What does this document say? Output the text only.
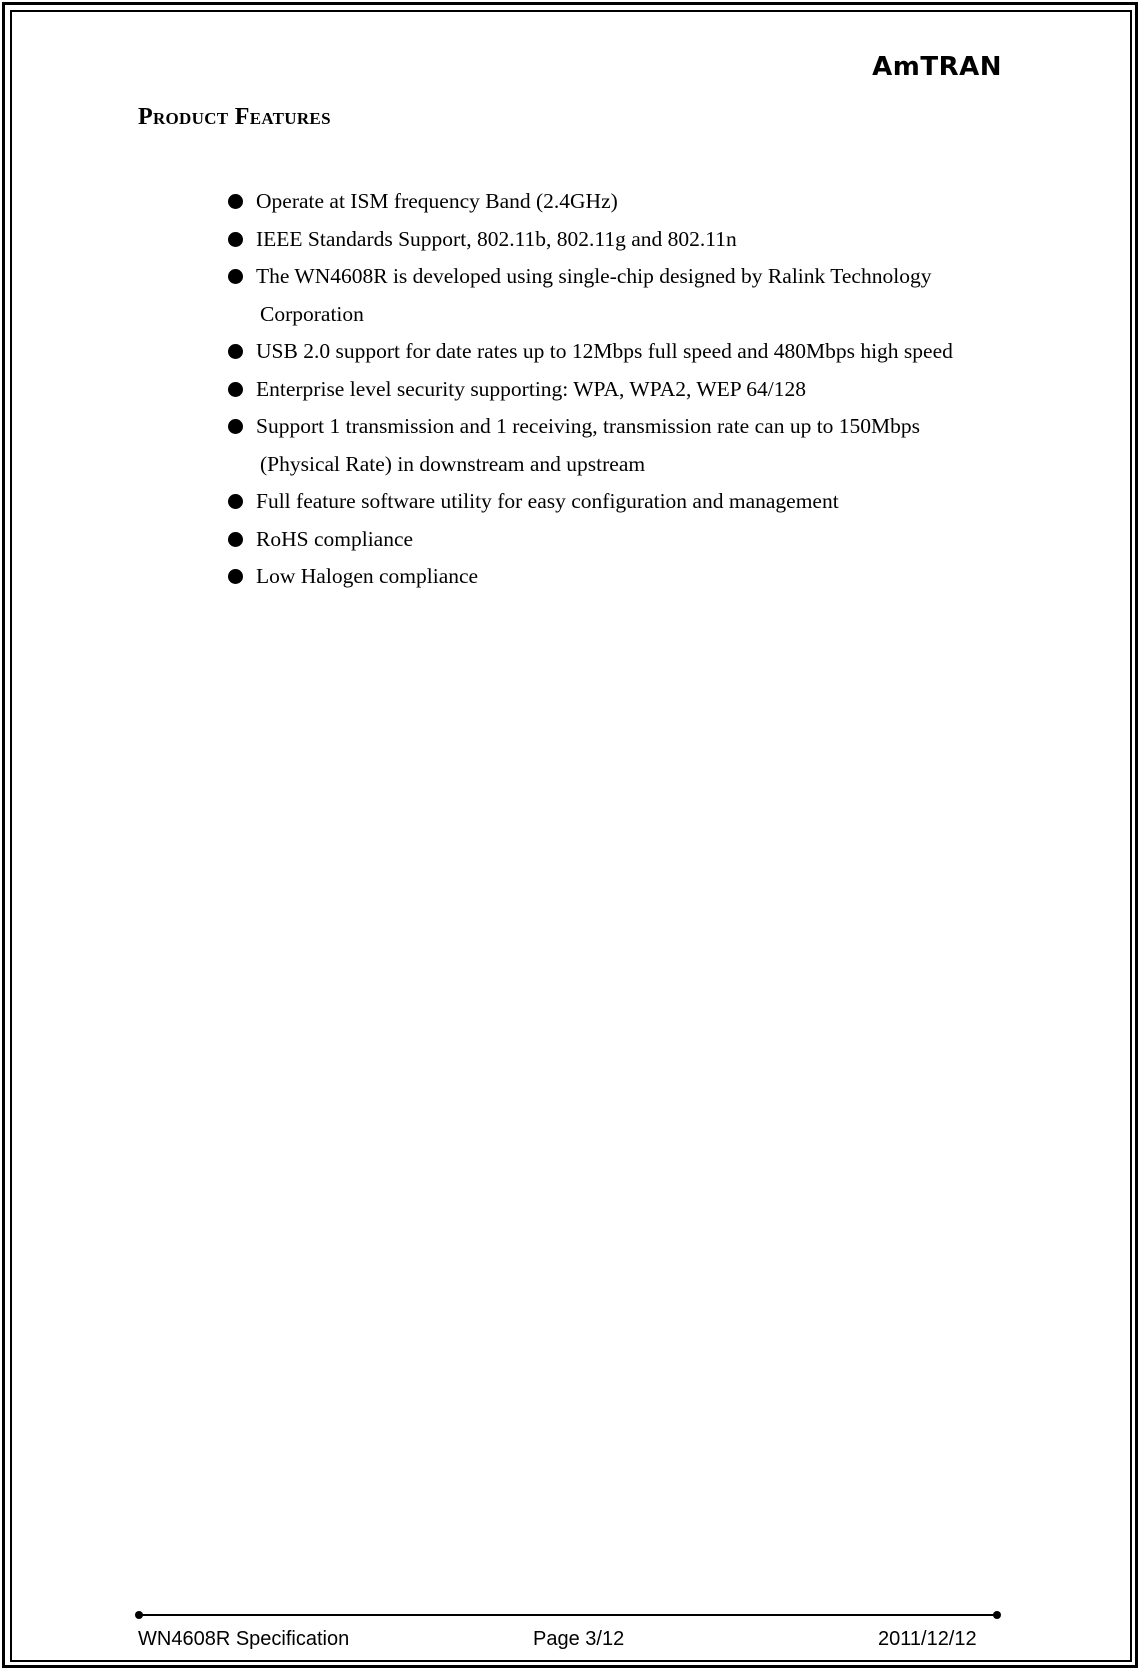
AmTRAN
Product Features
Operate at ISM frequency Band (2.4GHz)
IEEE Standards Support, 802.11b, 802.11g and 802.11n
The WN4608R is developed using single-chip designed by Ralink Technology
Corporation
USB 2.0 support for date rates up to 12Mbps full speed and 480Mbps high speed
Enterprise level security supporting: WPA, WPA2, WEP 64/128
Support 1 transmission and 1 receiving, transmission rate can up to 150Mbps
(Physical Rate) in downstream and upstream
Full feature software utility for easy configuration and management
RoHS compliance
Low Halogen compliance
WN4608R Specification	Page 3/12	2011/12/12
